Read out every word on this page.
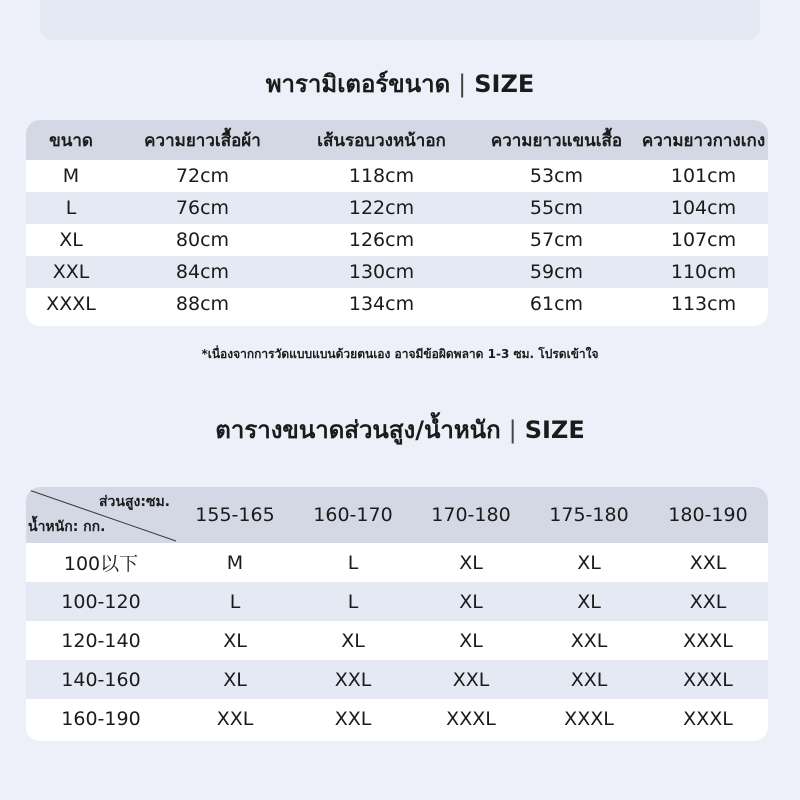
พารามิเตอร์ขนาด | SIZE
ขนาด	ความยาวเสื้อผ้า	เส้นรอบวงหน้าอก	ความยาวแขนเสื้อ	ความยาวกางเกง
M	72cm	118cm	53cm	101cm
L	76cm	122cm	55cm	104cm
XL	80cm	126cm	57cm	107cm
XXL	84cm	130cm	59cm	110cm
XXXL	88cm	134cm	61cm	113cm
*เนื่องจากการวัดแบบแบนด้วยตนเอง อาจมีข้อผิดพลาด 1-3 ซม. โปรดเข้าใจ
ตารางขนาดส่วนสูง/น้ำหนัก | SIZE
ส่วนสูง:ซม.
น้ำหนัก: กก.	155-165	160-170	170-180	175-180	180-190
100以下	M	L	XL	XL	XXL
100-120	L	L	XL	XL	XXL
120-140	XL	XL	XL	XXL	XXXL
140-160	XL	XXL	XXL	XXL	XXXL
160-190	XXL	XXL	XXXL	XXXL	XXXL
